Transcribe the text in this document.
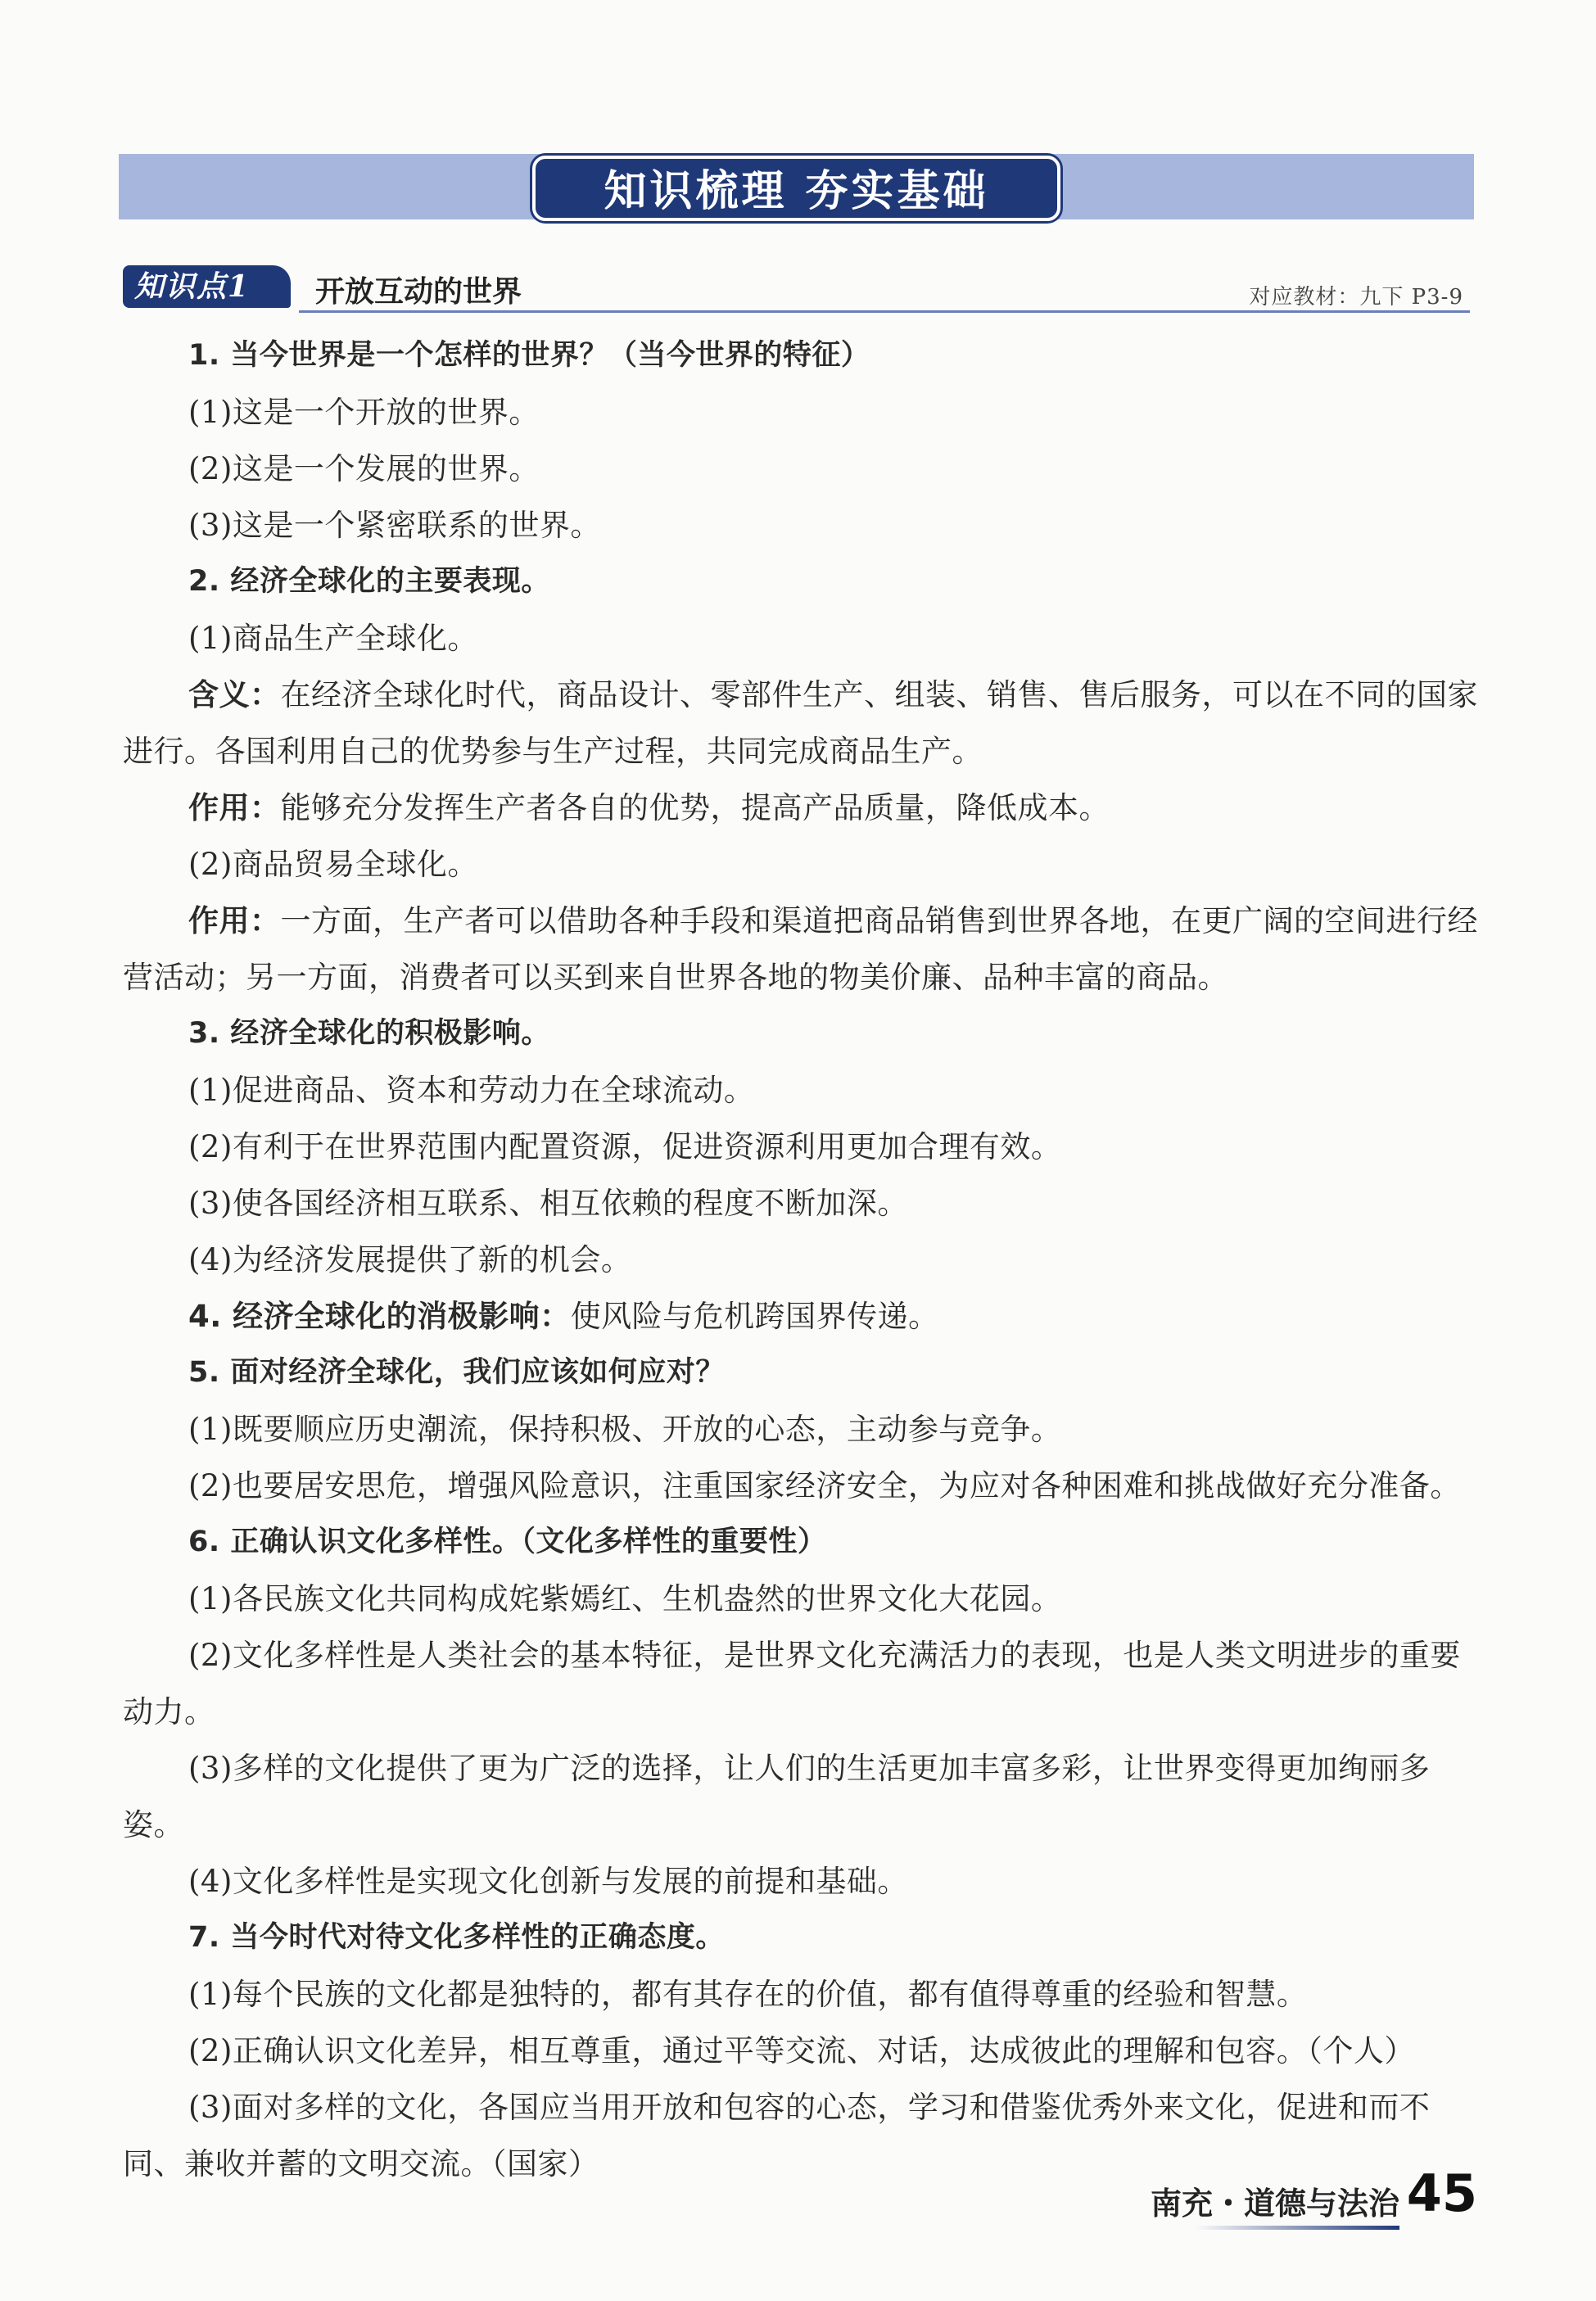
知识梳理 夯实基础
知识点1	开放互动的世界	对应教材：九下 P3-9

1. 当今世界是一个怎样的世界？（当今世界的特征）

(1)这是一个开放的世界。

(2)这是一个发展的世界。

(3)这是一个紧密联系的世界。

2. 经济全球化的主要表现。

(1)商品生产全球化。

含义：在经济全球化时代，商品设计、零部件生产、组装、销售、售后服务，可以在不同的国家进行。各国利用自己的优势参与生产过程，共同完成商品生产。

作用：能够充分发挥生产者各自的优势，提高产品质量，降低成本。

(2)商品贸易全球化。

作用：一方面，生产者可以借助各种手段和渠道把商品销售到世界各地，在更广阔的空间进行经营活动；另一方面，消费者可以买到来自世界各地的物美价廉、品种丰富的商品。

3. 经济全球化的积极影响。

(1)促进商品、资本和劳动力在全球流动。

(2)有利于在世界范围内配置资源，促进资源利用更加合理有效。

(3)使各国经济相互联系、相互依赖的程度不断加深。

(4)为经济发展提供了新的机会。

4. 经济全球化的消极影响：使风险与危机跨国界传递。

5. 面对经济全球化，我们应该如何应对？

(1)既要顺应历史潮流，保持积极、开放的心态，主动参与竞争。

(2)也要居安思危，增强风险意识，注重国家经济安全，为应对各种困难和挑战做好充分准备。

6. 正确认识文化多样性。（文化多样性的重要性）

(1)各民族文化共同构成姹紫嫣红、生机盎然的世界文化大花园。

(2)文化多样性是人类社会的基本特征，是世界文化充满活力的表现，也是人类文明进步的重要动力。

(3)多样的文化提供了更为广泛的选择，让人们的生活更加丰富多彩，让世界变得更加绚丽多姿。

(4)文化多样性是实现文化创新与发展的前提和基础。

7. 当今时代对待文化多样性的正确态度。

(1)每个民族的文化都是独特的，都有其存在的价值，都有值得尊重的经验和智慧。

(2)正确认识文化差异，相互尊重，通过平等交流、对话，达成彼此的理解和包容。（个人）

(3)面对多样的文化，各国应当用开放和包容的心态，学习和借鉴优秀外来文化，促进和而不同、兼收并蓄的文明交流。（国家）

南充・道德与法治 45
